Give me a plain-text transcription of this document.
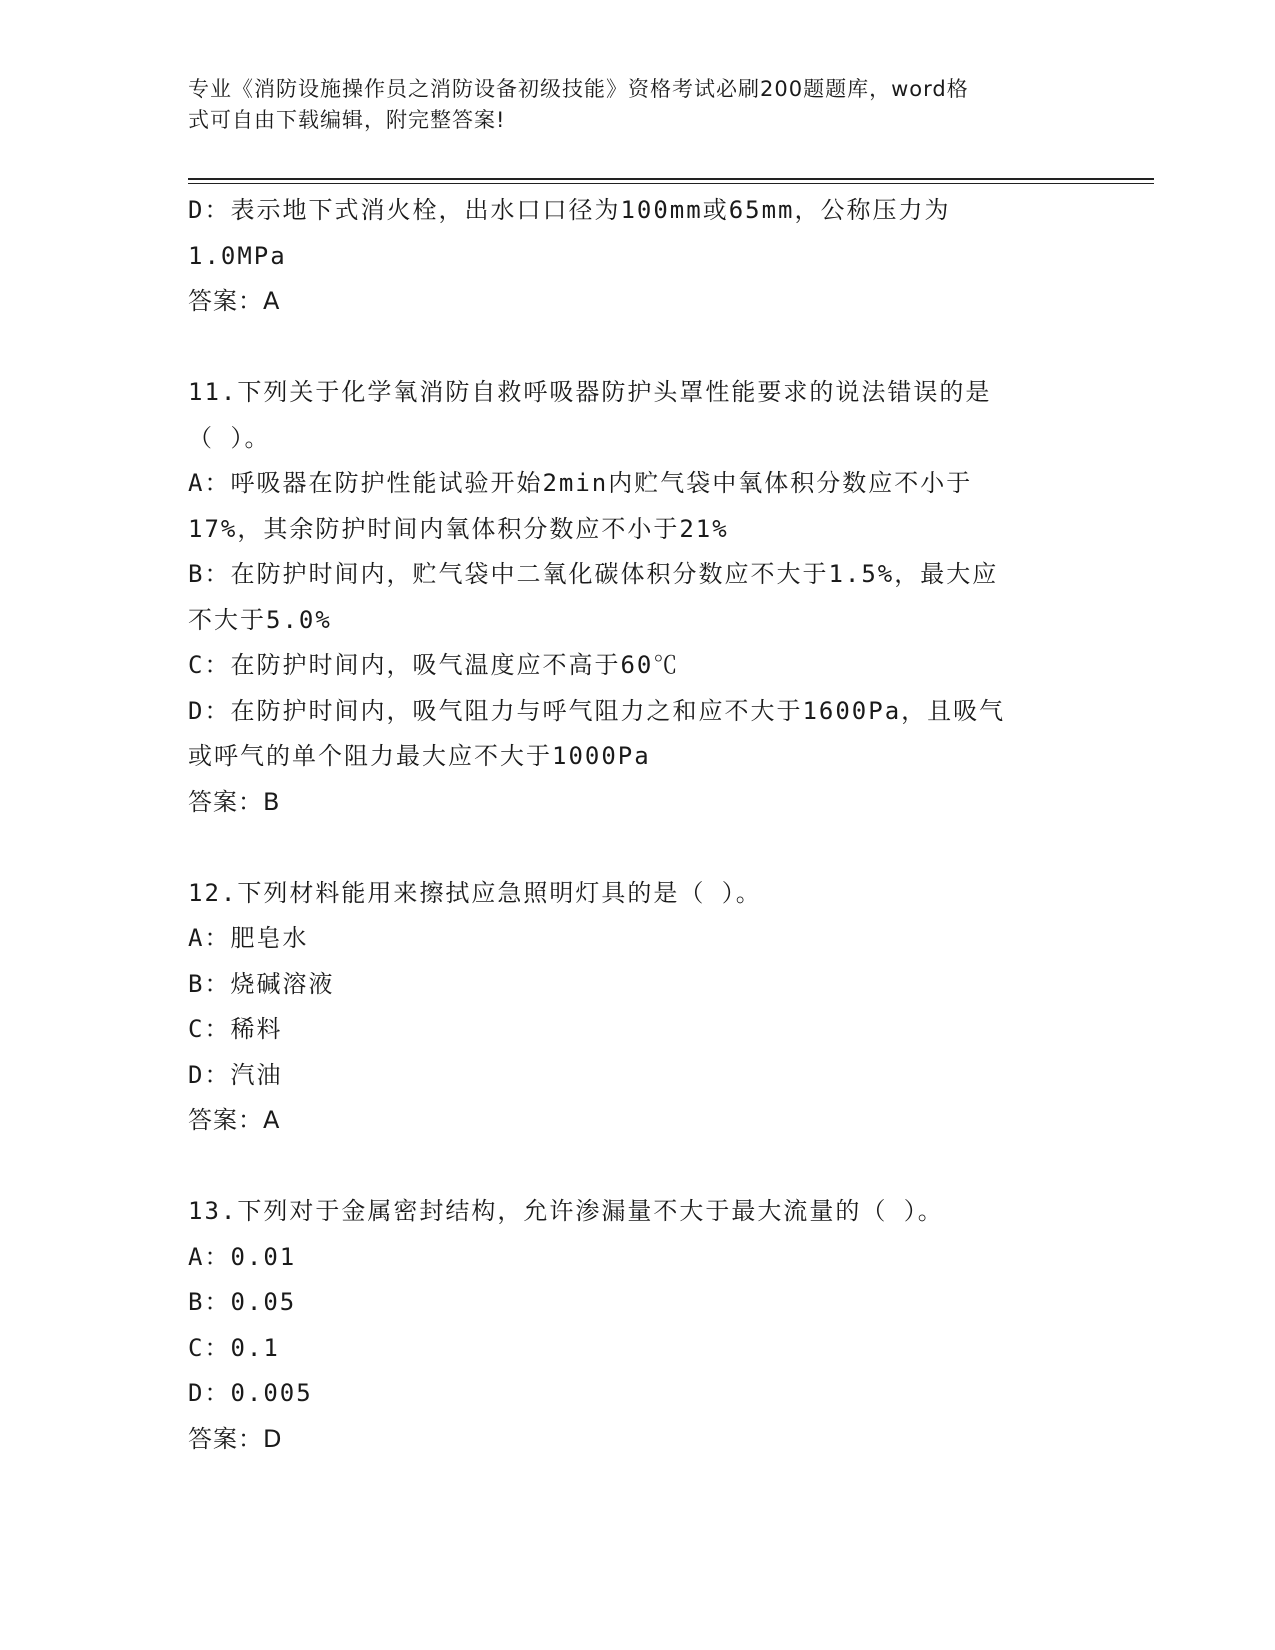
专业《消防设施操作员之消防设备初级技能》资格考试必刷200题题库，word格
式可自由下载编辑，附完整答案!
D：表示地下式消火栓，出水口口径为100mm或65mm，公称压力为
1.0MPa
答案：A
11.下列关于化学氧消防自救呼吸器防护头罩性能要求的说法错误的是
（ ）。
A：呼吸器在防护性能试验开始2min内贮气袋中氧体积分数应不小于
17%，其余防护时间内氧体积分数应不小于21%
B：在防护时间内，贮气袋中二氧化碳体积分数应不大于1.5%，最大应
不大于5.0%
C：在防护时间内，吸气温度应不高于60℃
D：在防护时间内，吸气阻力与呼气阻力之和应不大于1600Pa，且吸气
或呼气的单个阻力最大应不大于1000Pa
答案：B
12.下列材料能用来擦拭应急照明灯具的是（ ）。
A：肥皂水
B：烧碱溶液
C：稀料
D：汽油
答案：A
13.下列对于金属密封结构，允许渗漏量不大于最大流量的（ ）。
A：0.01
B：0.05
C：0.1
D：0.005
答案：D
